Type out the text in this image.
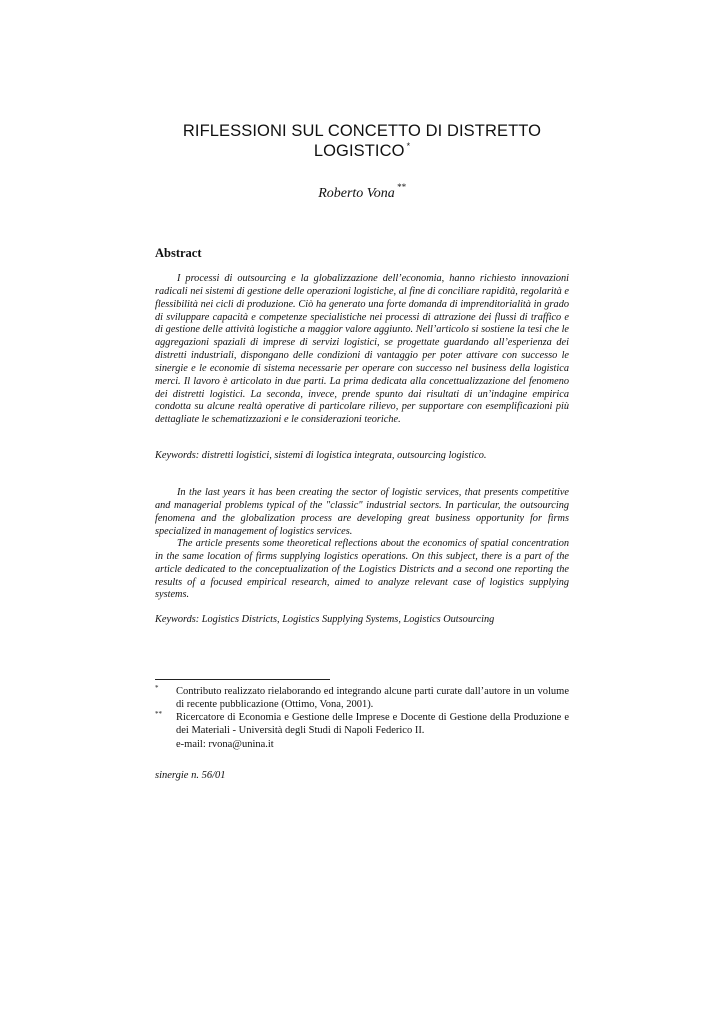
RIFLESSIONI SUL CONCETTO DI DISTRETTO
LOGISTICO *
Roberto Vona **
Abstract

I processi di outsourcing e la globalizzazione dell’economia, hanno richiesto innovazioni radicali nei sistemi di gestione delle operazioni logistiche, al fine di conciliare rapidità, regolarità e flessibilità nei cicli di produzione. Ciò ha generato una forte domanda di imprenditorialità in grado di sviluppare capacità e competenze specialistiche nei processi di attrazione dei flussi di traffico e di gestione delle attività logistiche a maggior valore aggiunto. Nell’articolo si sostiene la tesi che le aggregazioni spaziali di imprese di servizi logistici, se progettate guardando all’esperienza dei distretti industriali, dispongano delle condizioni di vantaggio per poter attivare con successo le sinergie e le economie di sistema necessarie per operare con successo nel business della logistica merci. Il lavoro è articolato in due parti. La prima dedicata alla concettualizzazione del fenomeno dei distretti logistici. La seconda, invece, prende spunto dai risultati di un’indagine empirica condotta su alcune realtà operative di particolare rilievo, per supportare con esemplificazioni più dettagliate le schematizzazioni e le considerazioni teoriche.

Keywords: distretti logistici, sistemi di logistica integrata, outsourcing logistico.

In the last years it has been creating the sector of logistic services, that presents competitive and managerial problems typical of the "classic" industrial sectors. In particular, the outsourcing fenomena and the globalization process are developing great business opportunity for firms specialized in management of logistics services.

The article presents some theoretical reflections about the economics of spatial concentration in the same location of firms supplying logistics operations. On this subject, there is a part of the article dedicated to the conceptualization of the Logistics Districts and a second one reporting the results of a focused empirical research, aimed to analyze relevant case of logistics supplying systems.

Keywords: Logistics Districts, Logistics Supplying Systems, Logistics Outsourcing
* Contributo realizzato rielaborando ed integrando alcune parti curate dall’autore in un volume di recente pubblicazione (Ottimo, Vona, 2001).
** Ricercatore di Economia e Gestione delle Imprese e Docente di Gestione della Produzione e dei Materiali - Università degli Studi di Napoli Federico II.
e-mail: rvona@unina.it
sinergie n. 56/01
